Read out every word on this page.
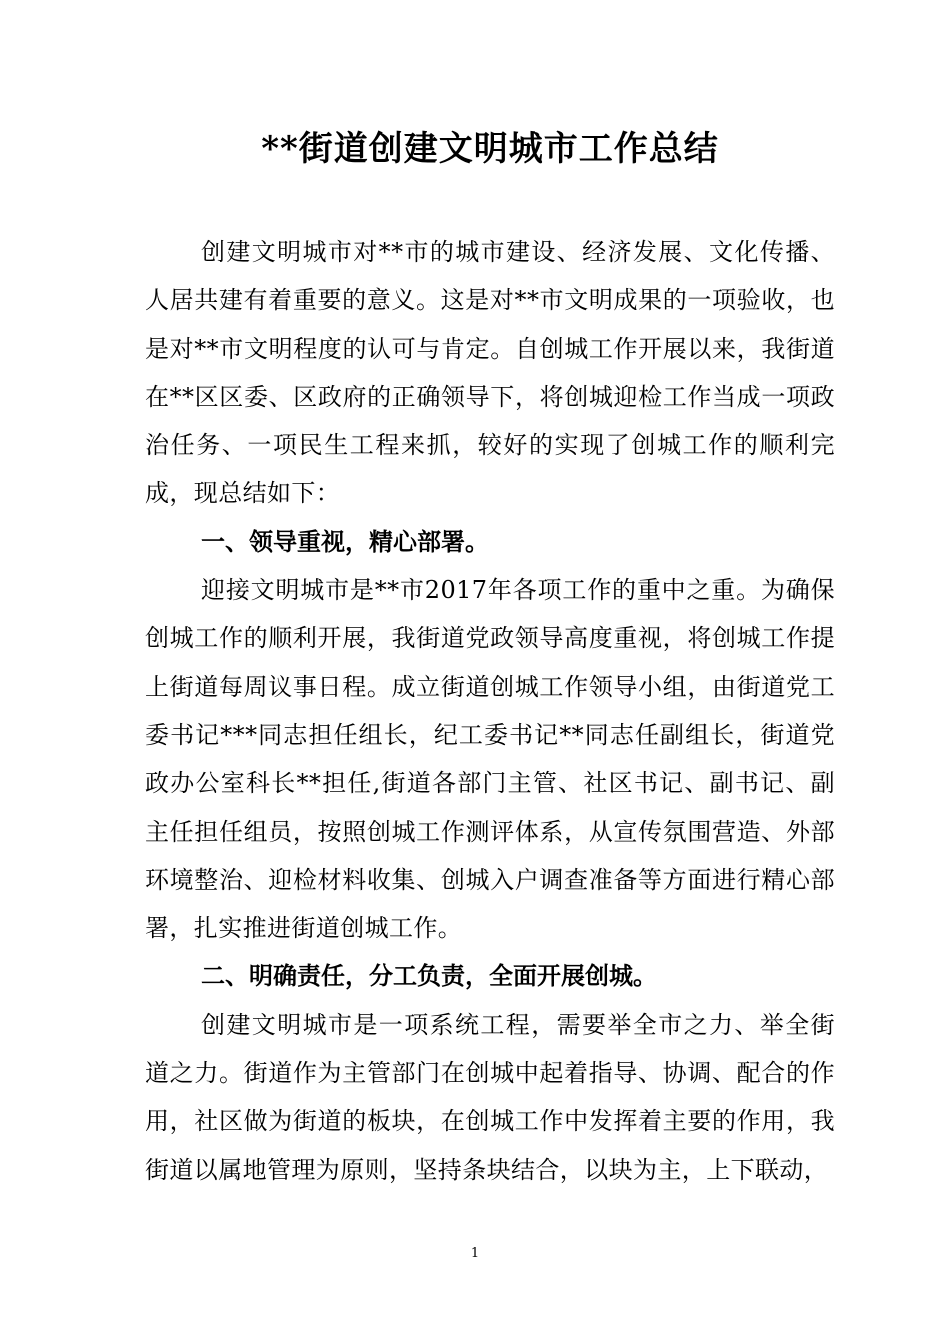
**街道创建文明城市工作总结

创建文明城市对**市的城市建设、经济发展、文化传播、人居共建有着重要的意义。这是对**市文明成果的一项验收，也是对**市文明程度的认可与肯定。自创城工作开展以来，我街道在**区区委、区政府的正确领导下，将创城迎检工作当成一项政治任务、一项民生工程来抓，较好的实现了创城工作的顺利完成，现总结如下：

一、领导重视，精心部署。

迎接文明城市是**市2017年各项工作的重中之重。为确保创城工作的顺利开展，我街道党政领导高度重视，将创城工作提上街道每周议事日程。成立街道创城工作领导小组，由街道党工委书记***同志担任组长，纪工委书记**同志任副组长，街道党政办公室科长**担任,街道各部门主管、社区书记、副书记、副主任担任组员，按照创城工作测评体系，从宣传氛围营造、外部环境整治、迎检材料收集、创城入户调查准备等方面进行精心部署，扎实推进街道创城工作。

二、明确责任，分工负责，全面开展创城。

创建文明城市是一项系统工程，需要举全市之力、举全街道之力。街道作为主管部门在创城中起着指导、协调、配合的作用，社区做为街道的板块，在创城工作中发挥着主要的作用，我街道以属地管理为原则，坚持条块结合，以块为主，上下联动，

1
